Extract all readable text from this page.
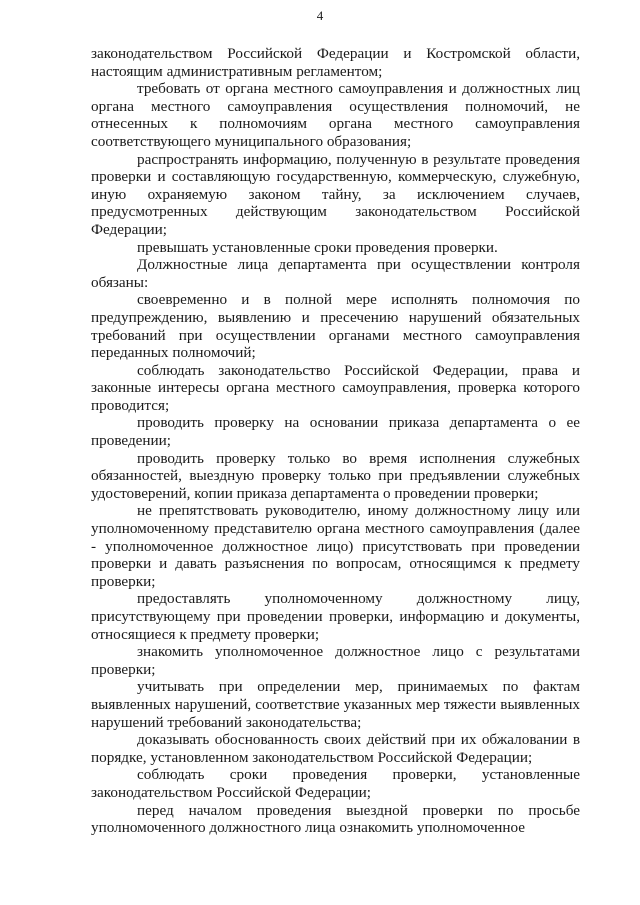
4

законодательством Российской Федерации и Костромской области, настоящим административным регламентом;

требовать от органа местного самоуправления и должностных лиц органа местного самоуправления осуществления полномочий, не отнесенных к полномочиям органа местного самоуправления соответствующего муниципального образования;

распространять информацию, полученную в результате проведения проверки и составляющую государственную, коммерческую, служебную, иную охраняемую законом тайну, за исключением случаев, предусмотренных действующим законодательством Российской Федерации;

превышать установленные сроки проведения проверки.

Должностные лица департамента при осуществлении контроля обязаны:

своевременно и в полной мере исполнять полномочия по предупреждению, выявлению и пресечению нарушений обязательных требований при осуществлении органами местного самоуправления переданных полномочий;

соблюдать законодательство Российской Федерации, права и законные интересы органа местного самоуправления, проверка которого проводится;

проводить проверку на основании приказа департамента о ее проведении;

проводить проверку только во время исполнения служебных обязанностей, выездную проверку только при предъявлении служебных удостоверений, копии приказа департамента о проведении проверки;

не препятствовать руководителю, иному должностному лицу или уполномоченному представителю органа местного самоуправления (далее - уполномоченное должностное лицо) присутствовать при проведении проверки и давать разъяснения по вопросам, относящимся к предмету проверки;

предоставлять уполномоченному должностному лицу, присутствующему при проведении проверки, информацию и документы, относящиеся к предмету проверки;

знакомить уполномоченное должностное лицо с результатами проверки;

учитывать при определении мер, принимаемых по фактам выявленных нарушений, соответствие указанных мер тяжести выявленных нарушений требований законодательства;

доказывать обоснованность своих действий при их обжаловании в порядке, установленном законодательством Российской Федерации;

соблюдать сроки проведения проверки, установленные законодательством Российской Федерации;

перед началом проведения выездной проверки по просьбе уполномоченного должностного лица ознакомить уполномоченное
